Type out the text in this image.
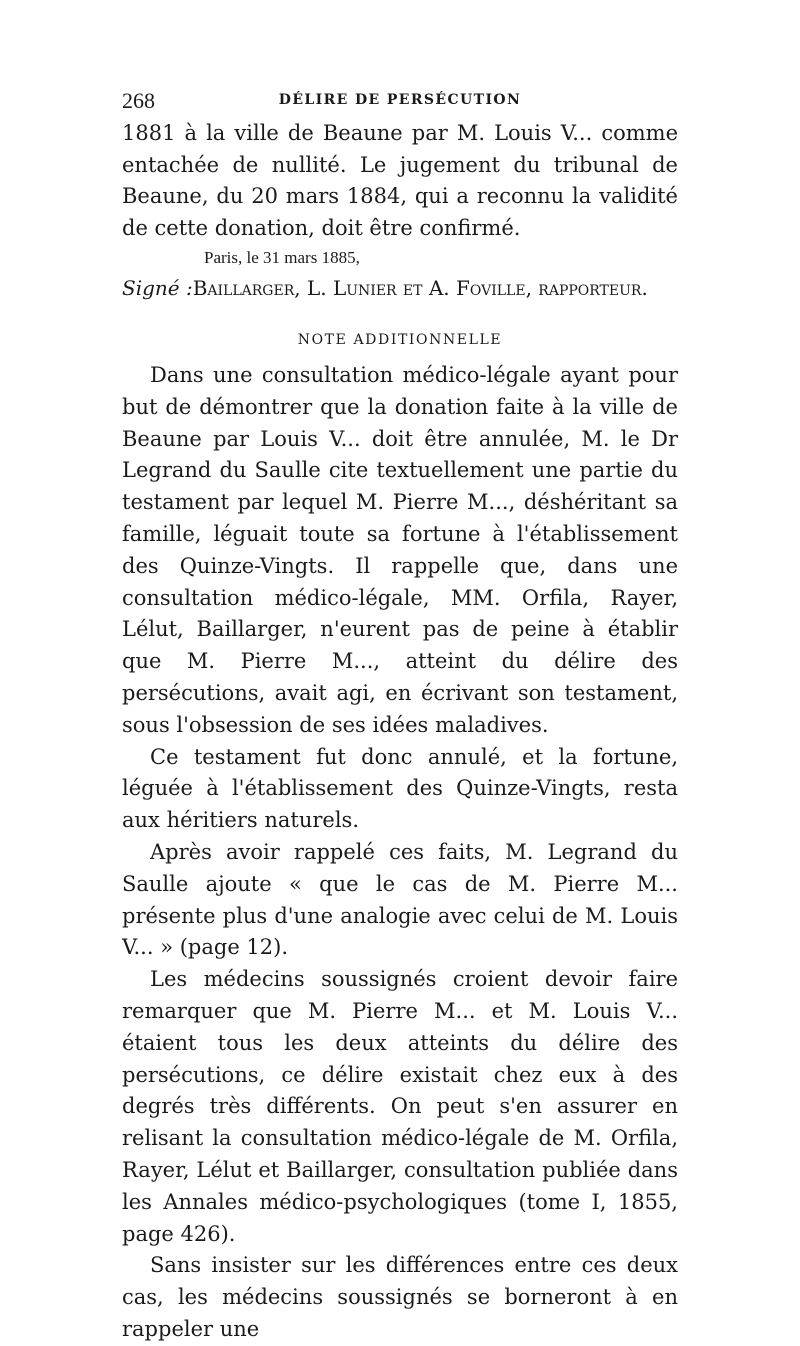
268	DÉLIRE DE PERSÉCUTION

1881 à la ville de Beaune par M. Louis V... comme entachée de nullité. Le jugement du tribunal de Beaune, du 20 mars 1884, qui a reconnu la validité de cette donation, doit être confirmé.

Paris, le 31 mars 1885,

Signé :Baillarger, L. Lunier et A. Foville, rapporteur.

NOTE ADDITIONNELLE

Dans une consultation médico-légale ayant pour but de démontrer que la donation faite à la ville de Beaune par Louis V... doit être annulée, M. le Dr Legrand du Saulle cite textuellement une partie du testament par lequel M. Pierre M..., déshéritant sa famille, léguait toute sa fortune à l'établissement des Quinze-Vingts. Il rappelle que, dans une consultation médico-légale, MM. Orfila, Rayer, Lélut, Baillarger, n'eurent pas de peine à établir que M. Pierre M..., atteint du délire des persécutions, avait agi, en écrivant son testament, sous l'obsession de ses idées maladives.

Ce testament fut donc annulé, et la fortune, léguée à l'établissement des Quinze-Vingts, resta aux héritiers naturels.

Après avoir rappelé ces faits, M. Legrand du Saulle ajoute « que le cas de M. Pierre M... présente plus d'une analogie avec celui de M. Louis V... » (page 12).

Les médecins soussignés croient devoir faire remarquer que M. Pierre M... et M. Louis V... étaient tous les deux atteints du délire des persécutions, ce délire existait chez eux à des degrés très différents. On peut s'en assurer en relisant la consultation médico-légale de M. Orfila, Rayer, Lélut et Baillarger, consultation publiée dans les Annales médico-psychologiques (tome I, 1855, page 426).

Sans insister sur les différences entre ces deux cas, les médecins soussignés se borneront à en rappeler une
